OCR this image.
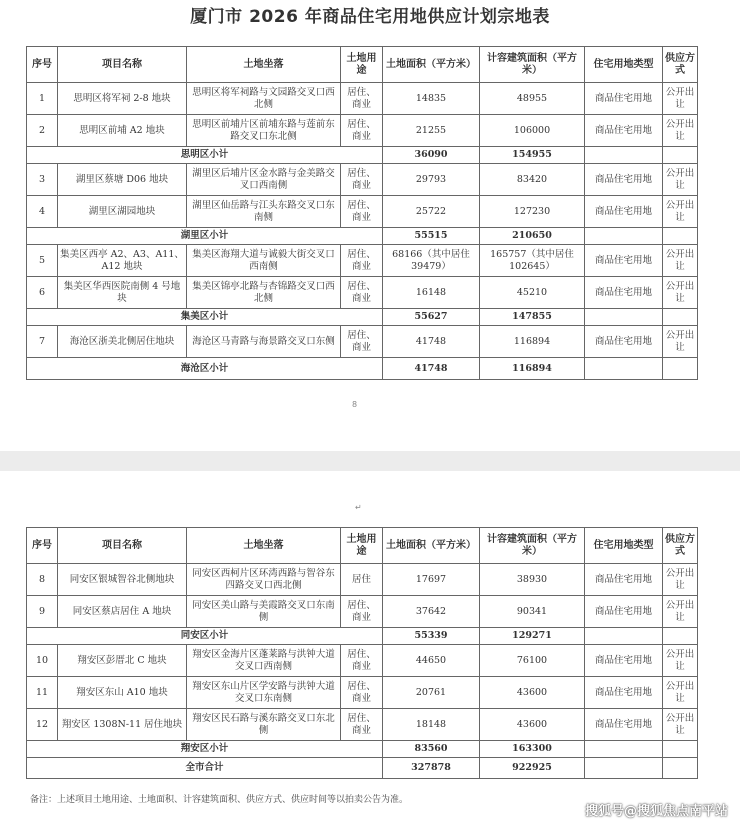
厦门市 2026 年商品住宅用地供应计划宗地表
序号	项目名称	土地坐落	土地用途	土地面积（平方米）	计容建筑面积（平方米）	住宅用地类型	供应方式
1	思明区将军祠 2-8 地块	思明区将军祠路与文园路交叉口西北侧	居住、商业	14835	48955	商品住宅用地	公开出让
2	思明区前埔 A2 地块	思明区前埔片区前埔东路与莲前东路交叉口东北侧	居住、商业	21255	106000	商品住宅用地	公开出让
思明区小计				36090	154955		
3	湖里区蔡塘 D06 地块	湖里区后埔片区金水路与金美路交叉口西南侧	居住、商业	29793	83420	商品住宅用地	公开出让
4	湖里区湖园地块	湖里区仙岳路与江头东路交叉口东南侧	居住、商业	25722	127230	商品住宅用地	公开出让
湖里区小计				55515	210650		
5	集美区西亭 A2、A3、A11、A12 地块	集美区海翔大道与诚毅大街交叉口西南侧	居住、商业	68166（其中居住 39479）	165757（其中居住 102645）	商品住宅用地	公开出让
6	集美区华西医院南侧 4 号地块	集美区锦亭北路与杏锦路交叉口西北侧	居住、商业	16148	45210	商品住宅用地	公开出让
集美区小计				55627	147855		
7	海沧区浙美北侧居住地块	海沧区马青路与海景路交叉口东侧	居住、商业	41748	116894	商品住宅用地	公开出让
海沧区小计				41748	116894		
8
↵
序号	项目名称	土地坐落	土地用途	土地面积（平方米）	计容建筑面积（平方米）	住宅用地类型	供应方式
8	同安区银城智谷北侧地块	同安区西柯片区环湾西路与智谷东四路交叉口西北侧	居住	17697	38930	商品住宅用地	公开出让
9	同安区蔡店居住 A 地块	同安区美山路与美霞路交叉口东南侧	居住、商业	37642	90341	商品住宅用地	公开出让
同安区小计				55339	129271		
10	翔安区彭厝北 C 地块	翔安区金海片区蓬莱路与洪钟大道交叉口西南侧	居住、商业	44650	76100	商品住宅用地	公开出让
11	翔安区东山 A10 地块	翔安区东山片区学安路与洪钟大道交叉口东南侧	居住、商业	20761	43600	商品住宅用地	公开出让
12	翔安区 1308N-11 居住地块	翔安区民石路与溪东路交叉口东北侧	居住、商业	18148	43600	商品住宅用地	公开出让
翔安区小计				83560	163300		
全市合计				327878	922925		
备注：上述项目土地用途、土地面积、计容建筑面积、供应方式、供应时间等以拍卖公告为准。
搜狐号@搜狐焦点南平站
